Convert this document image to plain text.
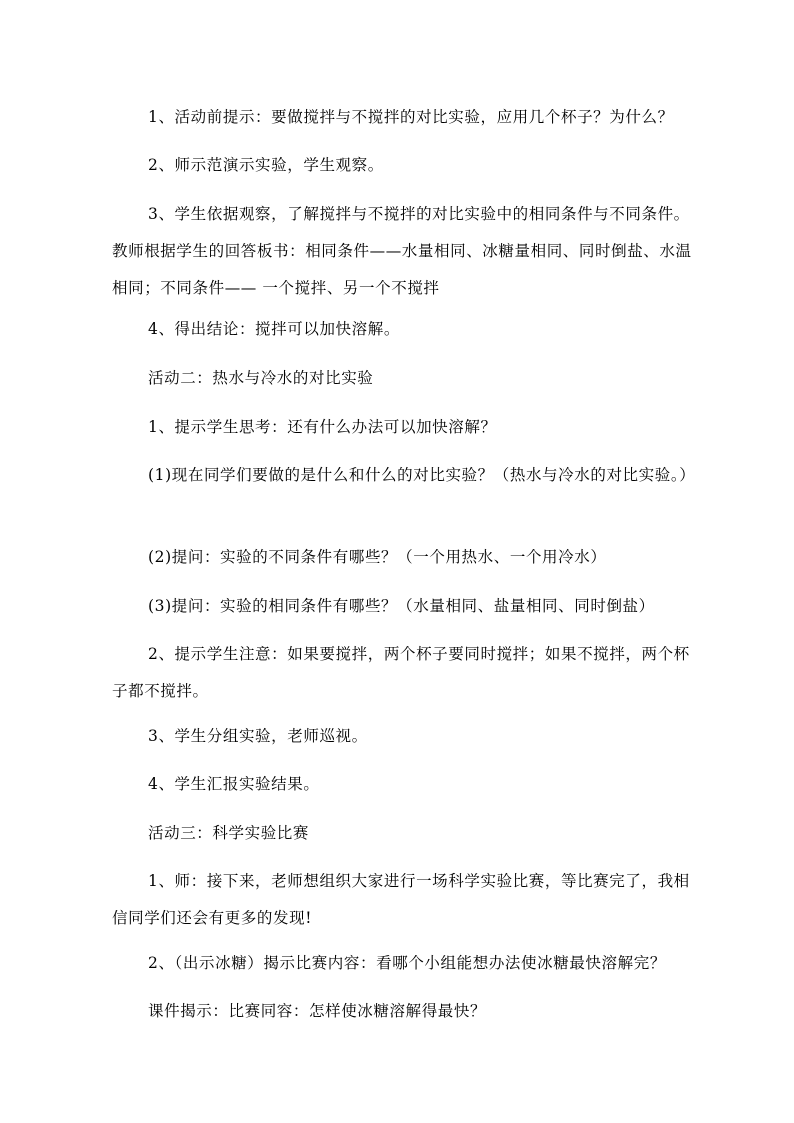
1、活动前提示：要做搅拌与不搅拌的对比实验，应用几个杯子？为什么？

2、师示范演示实验，学生观察。

3、学生依据观察，了解搅拌与不搅拌的对比实验中的相同条件与不同条件。教师根据学生的回答板书：相同条件——水量相同、冰糖量相同、同时倒盐、水温相同；不同条件—— 一个搅拌、另一个不搅拌

4、得出结论：搅拌可以加快溶解。

活动二：热水与冷水的对比实验

1、提示学生思考：还有什么办法可以加快溶解？

(1)现在同学们要做的是什么和什么的对比实验？（热水与冷水的对比实验。）

(2)提问：实验的不同条件有哪些？（一个用热水、一个用冷水）

(3)提问：实验的相同条件有哪些？（水量相同、盐量相同、同时倒盐）

2、提示学生注意：如果要搅拌，两个杯子要同时搅拌；如果不搅拌，两个杯子都不搅拌。

3、学生分组实验，老师巡视。

4、学生汇报实验结果。

活动三：科学实验比赛

1、师：接下来，老师想组织大家进行一场科学实验比赛，等比赛完了，我相信同学们还会有更多的发现!

2、（出示冰糖）揭示比赛内容：看哪个小组能想办法使冰糖最快溶解完？

课件揭示：比赛同容：怎样使冰糖溶解得最快？
